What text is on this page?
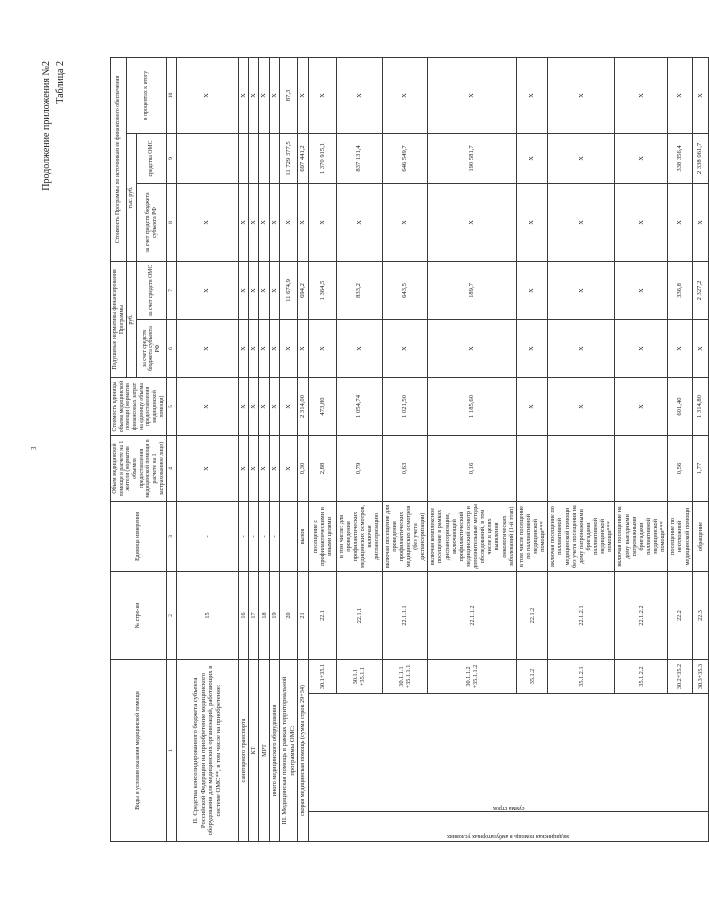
3
Продолжение приложения №2 Таблица 2
Виды и условия оказания медицинской помощи			№ стро-ки	Единица измерения	Объем медицинской помощи в расчете на 1 жителя (норматив объемов предоставления медицинской помощи в расчете на 1 застрахованное лицо)	Стоимость единицы объема медицинской помощи (норматив финансовых затрат на единицу объема предоставления медицинской помощи)	Подушевые нормативы финансирования Программы		Стоимость Программы по источникам ее финансового обеспечения		

							руб.		тыс. руб.		в процентах к итогу
							за счет средств бюджета субъекта РФ	за счет средств ОМС	за счет средств бюджета субъекта РФ	средства ОМС	
1			2	3	4	5	6	7	8	9	10
II. Средства консолидированного бюджета субъекта Российской Федерации на приобретение медицинского оборудования для медицинских организаций, работающих в системе ОМС**, в том числе на приобретение:			15	-	Х	Х	Х	Х	Х		Х
санитарного транспорта			16	-	Х	Х	Х	Х	Х		Х
КТ			17	-	Х	Х	Х	Х	Х		Х
МРТ			18	-	Х	Х	Х	Х	Х		Х
иного медицинского оборудования			19	-	Х	Х	Х	Х	Х		Х
III. Медицинская помощь в рамках территориальной программы ОМС:			20		Х	Х	Х	11 674,9	Х	11 729 377,5	87,3
скорая медицинская помощь (сумма строк 29+34)			21	вызов	0,30	2 314,00	Х	694,2	Х	697 441,2	Х

медицинская помощь в амбулаторных условиях	сумма строк	30.1+35.1	22.1	посещение с профилактическими и иными целями	2,88	473,80	Х	1 364,5	Х	1 370 915,1	Х
		30.1.1 +35.1.1	22.1.1	в том числе: для проведения профилактических медицинских осмотров, включая диспансеризацию	0,79	1 054,74	Х	833,2	Х	837 131,4	Х
		30.1.1.1 +35.1.1.1	22.1.1.1	включая посещение для проведения профилактических медицинских осмотров (без учета диспансеризации)	0,63	1 021,50	Х	643,5	Х	646 549,7	Х
		30.1.1.2 +35.1.1.2	22.1.1.2	включая комплексное посещение в рамках диспансеризации, включающей профилактический медицинский осмотр и дополнительные методы обследований, в том числе в целях выявления онкологических заболеваний (1-й этап)	0,16	1 185,60	Х	189,7	Х	190 581,7	Х
		35.1.2	22.1.2	в том числе посещение по паллиативной медицинской помощи***		Х	Х	Х	Х	Х	Х
		35.1.2.1	22.1.2.1	включая посещение по паллиативной медицинской помощи без учета посещения на дому патронажными бригадами паллиативной медицинской помощи***		Х	Х	Х	Х	Х	Х
		35.1.2.2	22.1.2.2	включая посещение на дому выездными патронажными бригадами паллиативной медицинской помощи***		Х	Х	Х	Х	Х	Х
		30.2+35.2	22.2	посещение по неотложной медицинской помощи	0,56	601,40	Х	336,8	Х	338 356,4	Х
		30.3+35.3	22.3	обращение	1,77	1 314,80	Х	2 327,2	Х	2 338 061,7	Х
